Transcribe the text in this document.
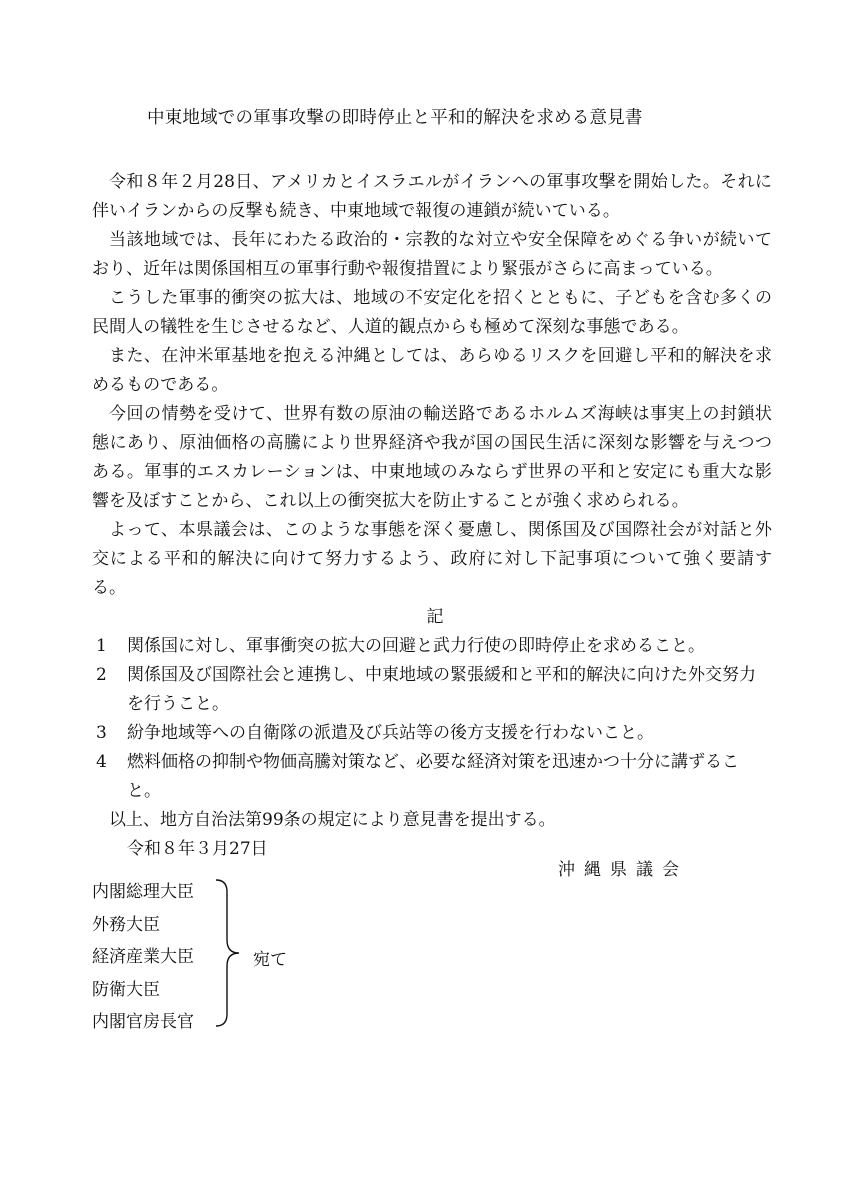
中東地域での軍事攻撃の即時停止と平和的解決を求める意見書

令和８年２月28日、アメリカとイスラエルがイランへの軍事攻撃を開始した。それに伴いイランからの反撃も続き、中東地域で報復の連鎖が続いている。

当該地域では、長年にわたる政治的・宗教的な対立や安全保障をめぐる争いが続いており、近年は関係国相互の軍事行動や報復措置により緊張がさらに高まっている。

こうした軍事的衝突の拡大は、地域の不安定化を招くとともに、子どもを含む多くの民間人の犠牲を生じさせるなど、人道的観点からも極めて深刻な事態である。

また、在沖米軍基地を抱える沖縄としては、あらゆるリスクを回避し平和的解決を求めるものである。

今回の情勢を受けて、世界有数の原油の輸送路であるホルムズ海峡は事実上の封鎖状態にあり、原油価格の高騰により世界経済や我が国の国民生活に深刻な影響を与えつつある。軍事的エスカレーションは、中東地域のみならず世界の平和と安定にも重大な影響を及ぼすことから、これ以上の衝突拡大を防止することが強く求められる。

よって、本県議会は、このような事態を深く憂慮し、関係国及び国際社会が対話と外交による平和的解決に向けて努力するよう、政府に対し下記事項について強く要請する。

記

1 関係国に対し、軍事衝突の拡大の回避と武力行使の即時停止を求めること。
2 関係国及び国際社会と連携し、中東地域の緊張緩和と平和的解決に向けた外交努力を行うこと。
3 紛争地域等への自衛隊の派遣及び兵站等の後方支援を行わないこと。
4 燃料価格の抑制や物価高騰対策など、必要な経済対策を迅速かつ十分に講ずること。

以上、地方自治法第99条の規定により意見書を提出する。

令和８年３月27日

沖縄県議会
内閣総理大臣
外務大臣
経済産業大臣
防衛大臣
内閣官房長官
宛て
